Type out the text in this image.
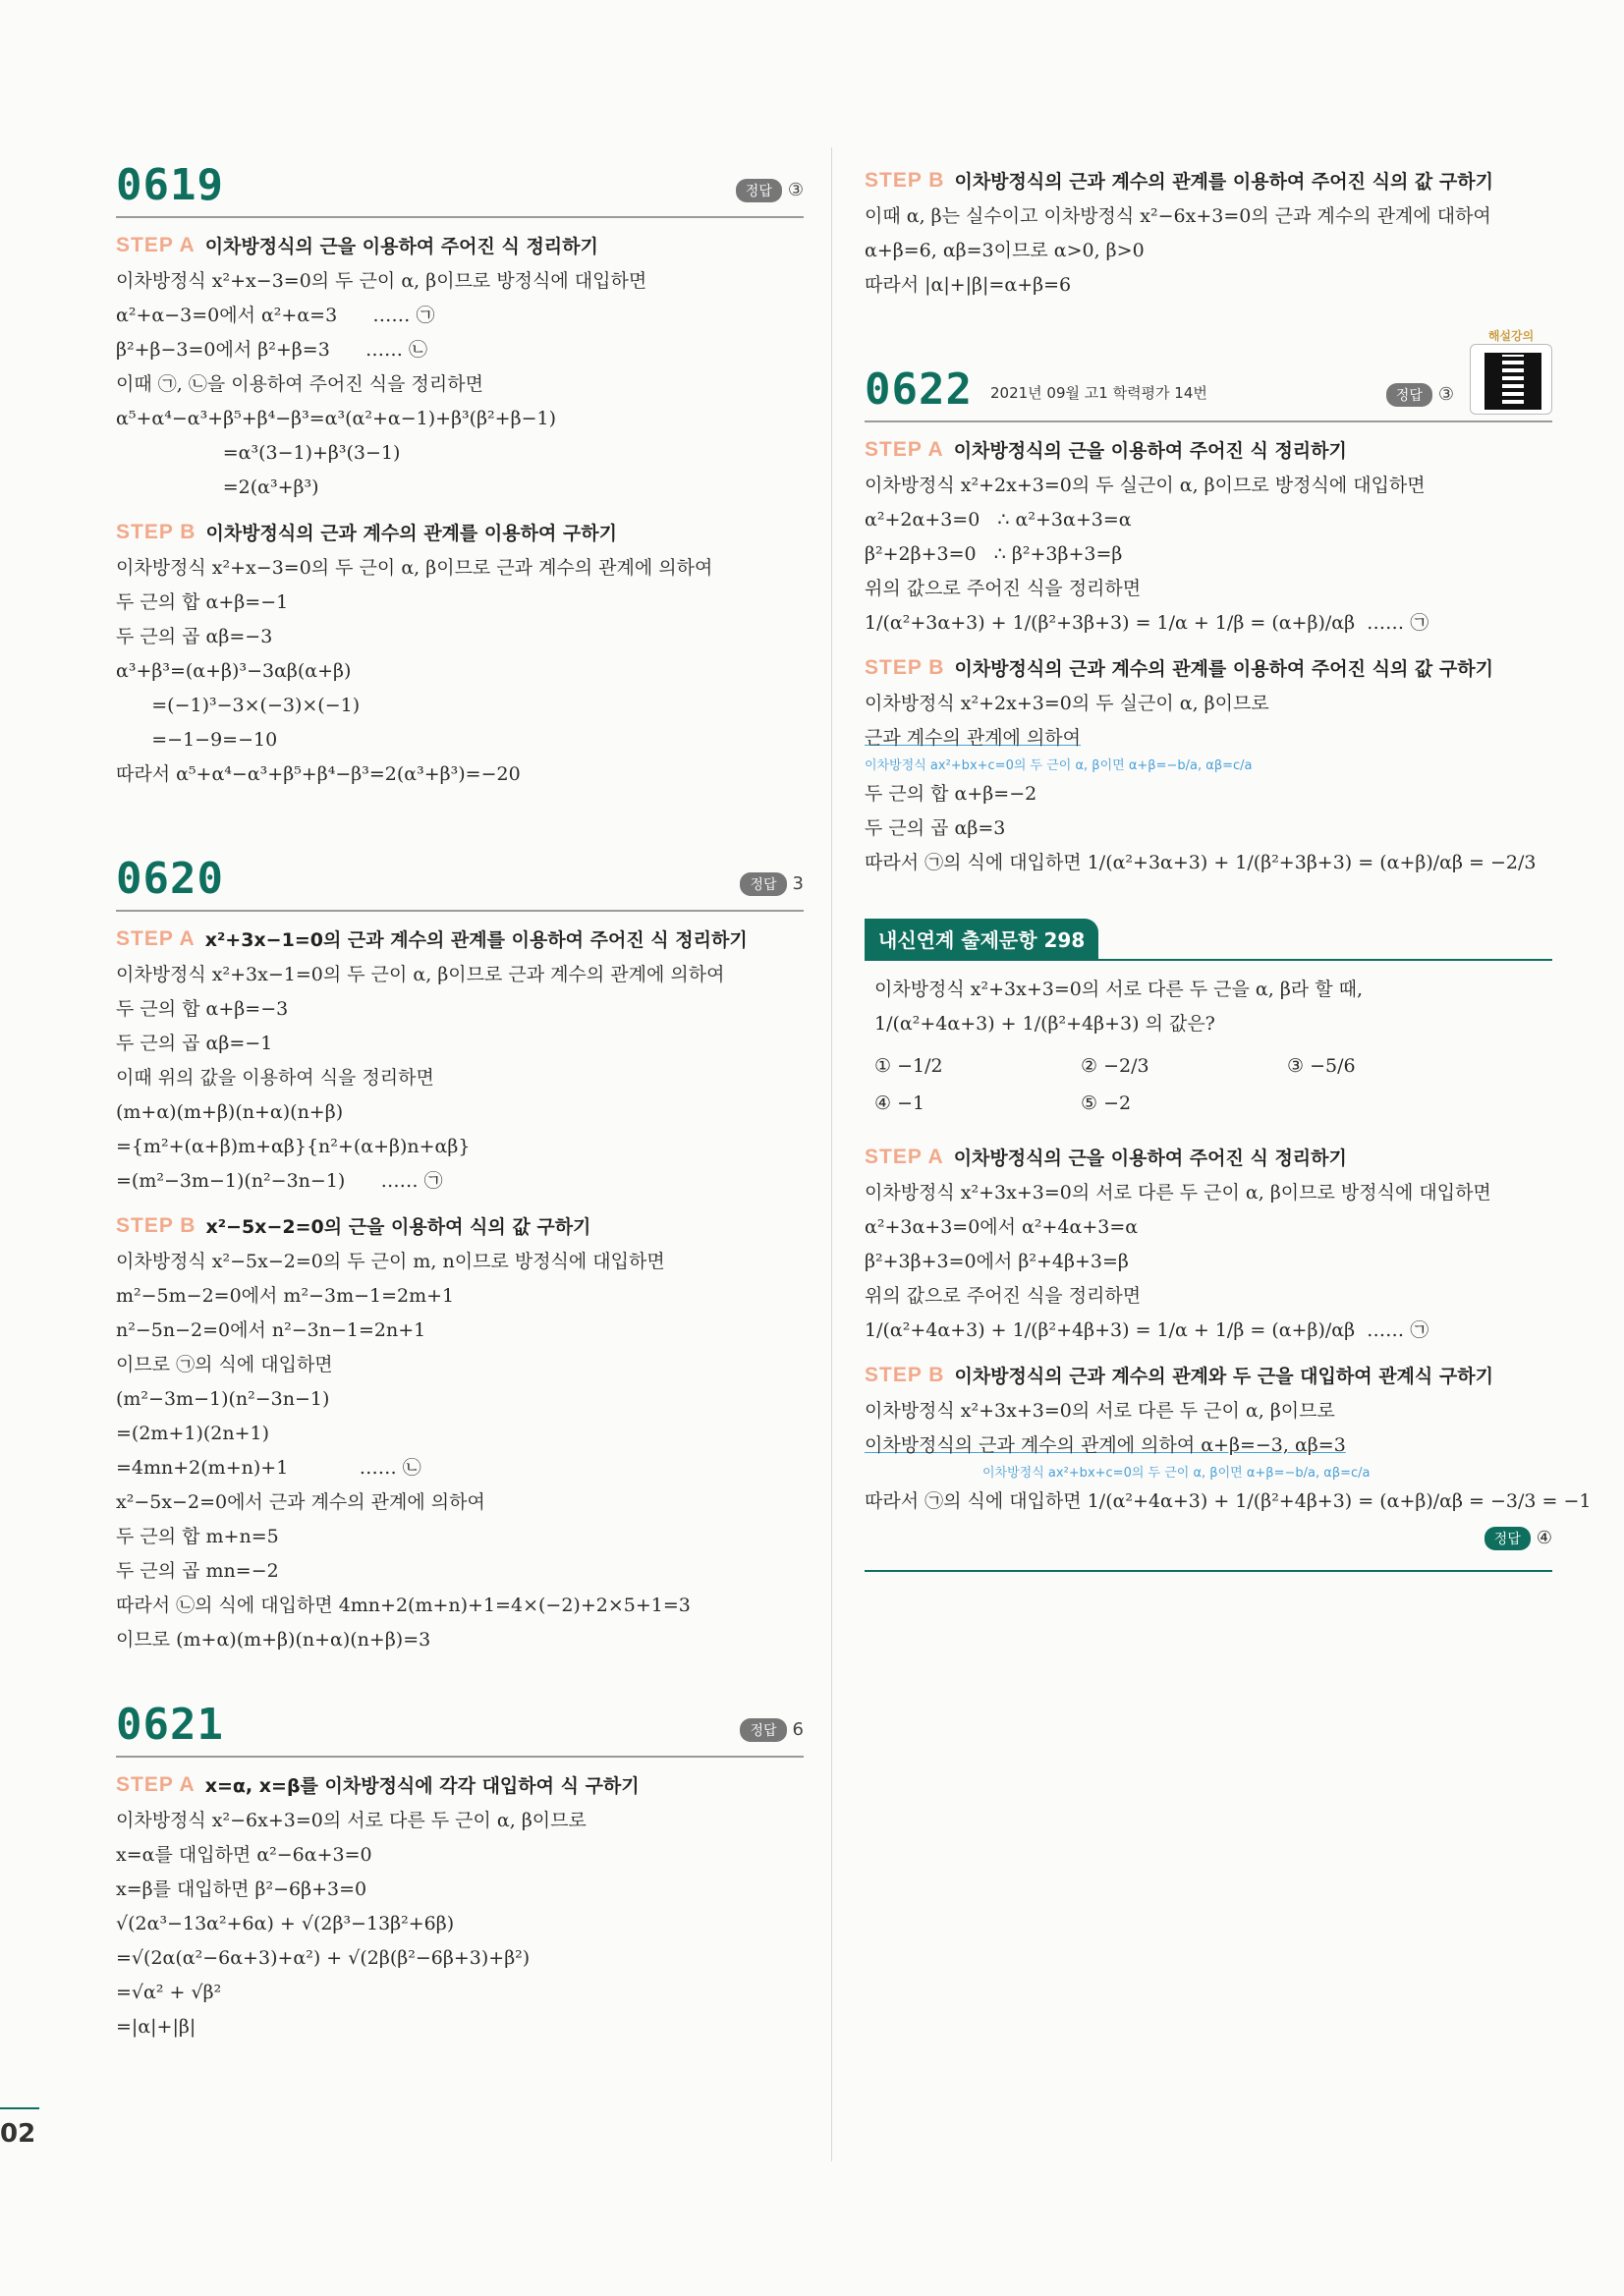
0619	정답 ③
STEP A 이차방정식의 근을 이용하여 주어진 식 정리하기
이차방정식 x²+x−3=0의 두 근이 α, β이므로 방정식에 대입하면
α²+α−3=0에서 α²+α=3      …… ㉠
β²+β−3=0에서 β²+β=3      …… ㉡
이때 ㉠, ㉡을 이용하여 주어진 식을 정리하면
α⁵+α⁴−α³+β⁵+β⁴−β³=α³(α²+α−1)+β³(β²+β−1)
=α³(3−1)+β³(3−1)
=2(α³+β³)
STEP B 이차방정식의 근과 계수의 관계를 이용하여 구하기
이차방정식 x²+x−3=0의 두 근이 α, β이므로 근과 계수의 관계에 의하여
두 근의 합 α+β=−1
두 근의 곱 αβ=−3
α³+β³=(α+β)³−3αβ(α+β)
=(−1)³−3×(−3)×(−1)
=−1−9=−10
따라서 α⁵+α⁴−α³+β⁵+β⁴−β³=2(α³+β³)=−20
0620	정답 3
STEP A x²+3x−1=0의 근과 계수의 관계를 이용하여 주어진 식 정리하기
이차방정식 x²+3x−1=0의 두 근이 α, β이므로 근과 계수의 관계에 의하여
두 근의 합 α+β=−3
두 근의 곱 αβ=−1
이때 위의 값을 이용하여 식을 정리하면
(m+α)(m+β)(n+α)(n+β)
={m²+(α+β)m+αβ}{n²+(α+β)n+αβ}
=(m²−3m−1)(n²−3n−1)      …… ㉠
STEP B x²−5x−2=0의 근을 이용하여 식의 값 구하기
이차방정식 x²−5x−2=0의 두 근이 m, n이므로 방정식에 대입하면
m²−5m−2=0에서 m²−3m−1=2m+1
n²−5n−2=0에서 n²−3n−1=2n+1
이므로 ㉠의 식에 대입하면
(m²−3m−1)(n²−3n−1)
=(2m+1)(2n+1)
=4mn+2(m+n)+1            …… ㉡
x²−5x−2=0에서 근과 계수의 관계에 의하여
두 근의 합 m+n=5
두 근의 곱 mn=−2
따라서 ㉡의 식에 대입하면 4mn+2(m+n)+1=4×(−2)+2×5+1=3
이므로 (m+α)(m+β)(n+α)(n+β)=3
0621	정답 6
STEP A x=α, x=β를 이차방정식에 각각 대입하여 식 구하기
이차방정식 x²−6x+3=0의 서로 다른 두 근이 α, β이므로
x=α를 대입하면 α²−6α+3=0
x=β를 대입하면 β²−6β+3=0
√(2α³−13α²+6α) + √(2β³−13β²+6β)
=√(2α(α²−6α+3)+α²) + √(2β(β²−6β+3)+β²)
=√α² + √β²
=|α|+|β|
STEP B 이차방정식의 근과 계수의 관계를 이용하여 주어진 식의 값 구하기
이때 α, β는 실수이고 이차방정식 x²−6x+3=0의 근과 계수의 관계에 대하여
α+β=6, αβ=3이므로 α>0, β>0
따라서 |α|+|β|=α+β=6
0622 2021년 09월 고1 학력평가 14번	정답 ③
해설강의
STEP A 이차방정식의 근을 이용하여 주어진 식 정리하기
이차방정식 x²+2x+3=0의 두 실근이 α, β이므로 방정식에 대입하면
α²+2α+3=0   ∴ α²+3α+3=α
β²+2β+3=0   ∴ β²+3β+3=β
위의 값으로 주어진 식을 정리하면
1/(α²+3α+3) + 1/(β²+3β+3) = 1/α + 1/β = (α+β)/αβ  …… ㉠
STEP B 이차방정식의 근과 계수의 관계를 이용하여 주어진 식의 값 구하기
이차방정식 x²+2x+3=0의 두 실근이 α, β이므로
근과 계수의 관계에 의하여
이차방정식 ax²+bx+c=0의 두 근이 α, β이면 α+β=−b/a, αβ=c/a
두 근의 합 α+β=−2
두 근의 곱 αβ=3
따라서 ㉠의 식에 대입하면 1/(α²+3α+3) + 1/(β²+3β+3) = (α+β)/αβ = −2/3
내신연계 출제문항 298
이차방정식 x²+3x+3=0의 서로 다른 두 근을 α, β라 할 때,
1/(α²+4α+3) + 1/(β²+4β+3) 의 값은?
① −1/2	② −2/3	③ −5/6
④ −1	⑤ −2
STEP A 이차방정식의 근을 이용하여 주어진 식 정리하기
이차방정식 x²+3x+3=0의 서로 다른 두 근이 α, β이므로 방정식에 대입하면
α²+3α+3=0에서 α²+4α+3=α
β²+3β+3=0에서 β²+4β+3=β
위의 값으로 주어진 식을 정리하면
1/(α²+4α+3) + 1/(β²+4β+3) = 1/α + 1/β = (α+β)/αβ  …… ㉠
STEP B 이차방정식의 근과 계수의 관계와 두 근을 대입하여 관계식 구하기
이차방정식 x²+3x+3=0의 서로 다른 두 근이 α, β이므로
이차방정식의 근과 계수의 관계에 의하여 α+β=−3, αβ=3
이차방정식 ax²+bx+c=0의 두 근이 α, β이면 α+β=−b/a, αβ=c/a
따라서 ㉠의 식에 대입하면 1/(α²+4α+3) + 1/(β²+4β+3) = (α+β)/αβ = −3/3 = −1
정답 ④
02
